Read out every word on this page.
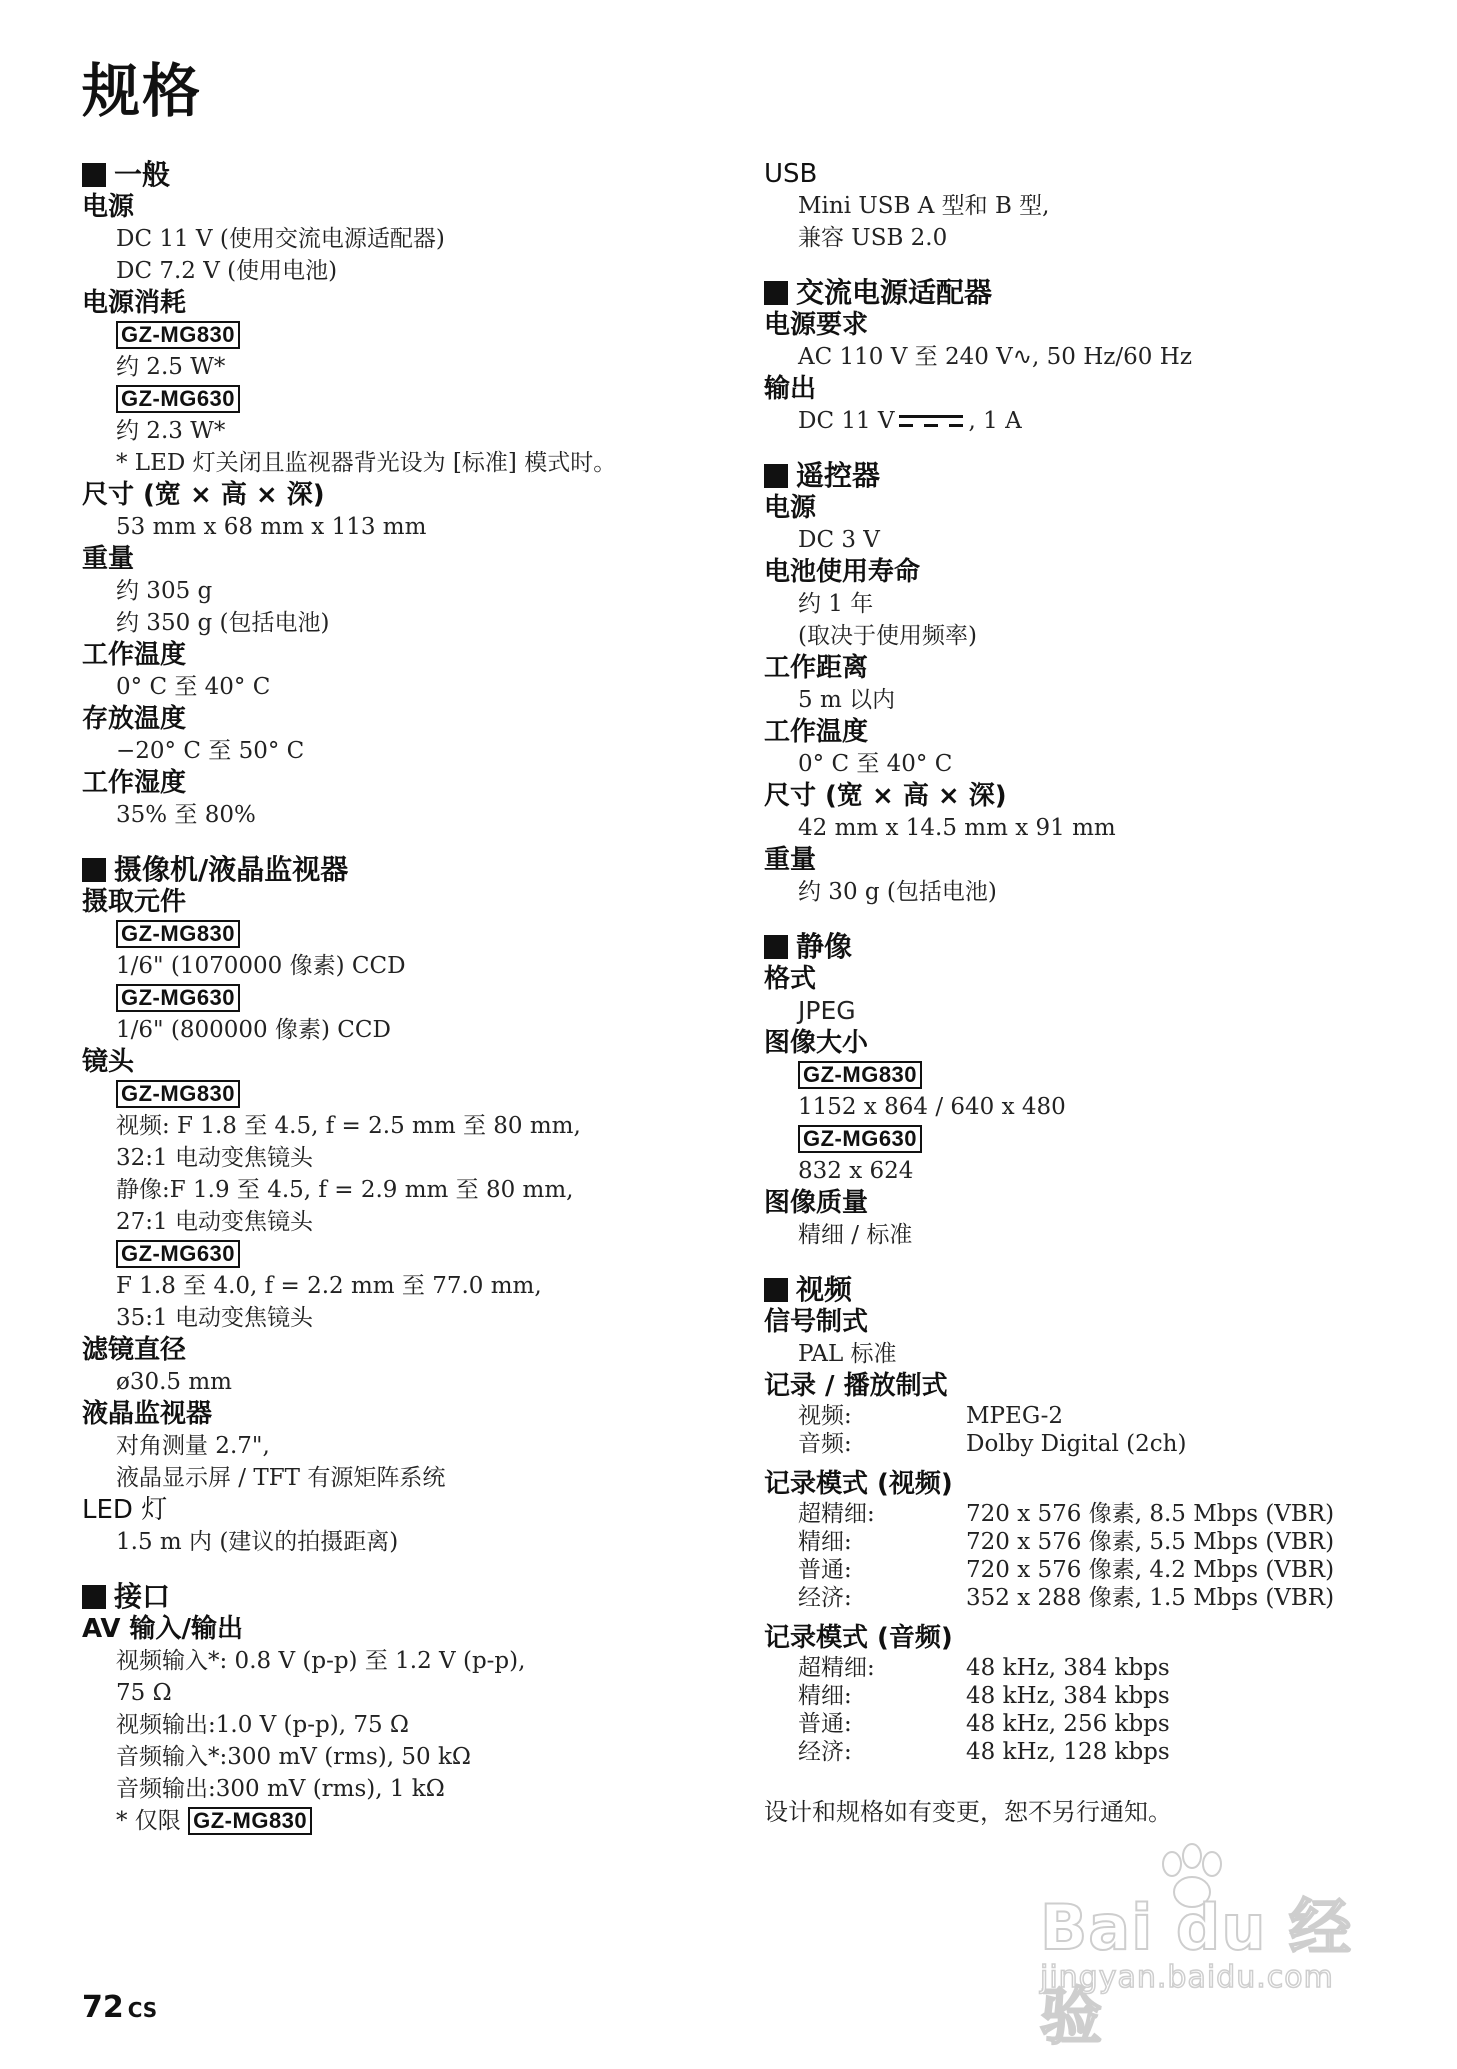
规格
一般
电源
DC 11 V (使用交流电源适配器)
DC 7.2 V (使用电池)
电源消耗
GZ-MG830
约 2.5 W*
GZ-MG630
约 2.3 W*
* LED 灯关闭且监视器背光设为 [标准] 模式时。
尺寸 (宽 × 高 × 深)
53 mm x 68 mm x 113 mm
重量
约 305 g
约 350 g (包括电池)
工作温度
0° C 至 40° C
存放温度
−20° C 至 50° C
工作湿度
35% 至 80%
摄像机/液晶监视器
摄取元件
GZ-MG830
1/6" (1070000 像素) CCD
GZ-MG630
1/6" (800000 像素) CCD
镜头
GZ-MG830
视频: F 1.8 至 4.5, f = 2.5 mm 至 80 mm,
32:1 电动变焦镜头
静像:F 1.9 至 4.5, f = 2.9 mm 至 80 mm,
27:1 电动变焦镜头
GZ-MG630
F 1.8 至 4.0, f = 2.2 mm 至 77.0 mm,
35:1 电动变焦镜头
滤镜直径
ø30.5 mm
液晶监视器
对角测量 2.7",
液晶显示屏 / TFT 有源矩阵系统
LED 灯
1.5 m 内 (建议的拍摄距离)
接口
AV 输入/输出
视频输入*: 0.8 V (p-p) 至 1.2 V (p-p),
75 Ω
视频输出:1.0 V (p-p), 75 Ω
音频输入*:300 mV (rms), 50 kΩ
音频输出:300 mV (rms), 1 kΩ
* 仅限 GZ-MG830
USB
Mini USB A 型和 B 型,
兼容 USB 2.0
交流电源适配器
电源要求
AC 110 V 至 240 V∿, 50 Hz/60 Hz
输出
DC 11 V	, 1 A
遥控器
电源
DC 3 V
电池使用寿命
约 1 年
(取决于使用频率)
工作距离
5 m 以内
工作温度
0° C 至 40° C
尺寸 (宽 × 高 × 深)
42 mm x 14.5 mm x 91 mm
重量
约 30 g (包括电池)
静像
格式
JPEG
图像大小
GZ-MG830
1152 x 864 / 640 x 480
GZ-MG630
832 x 624
图像质量
精细 / 标准
视频
信号制式
PAL 标准
记录 / 播放制式
视频:	MPEG-2
音频:	Dolby Digital (2ch)
记录模式 (视频)
超精细:	720 x 576 像素, 8.5 Mbps (VBR)
精细:	720 x 576 像素, 5.5 Mbps (VBR)
普通:	720 x 576 像素, 4.2 Mbps (VBR)
经济:	352 x 288 像素, 1.5 Mbps (VBR)
记录模式 (音频)
超精细:	48 kHz, 384 kbps
精细:	48 kHz, 384 kbps
普通:	48 kHz, 256 kbps
经济:	48 kHz, 128 kbps
设计和规格如有变更，恕不另行通知。
72 CS
Bai du 经验
jingyan.baidu.com
